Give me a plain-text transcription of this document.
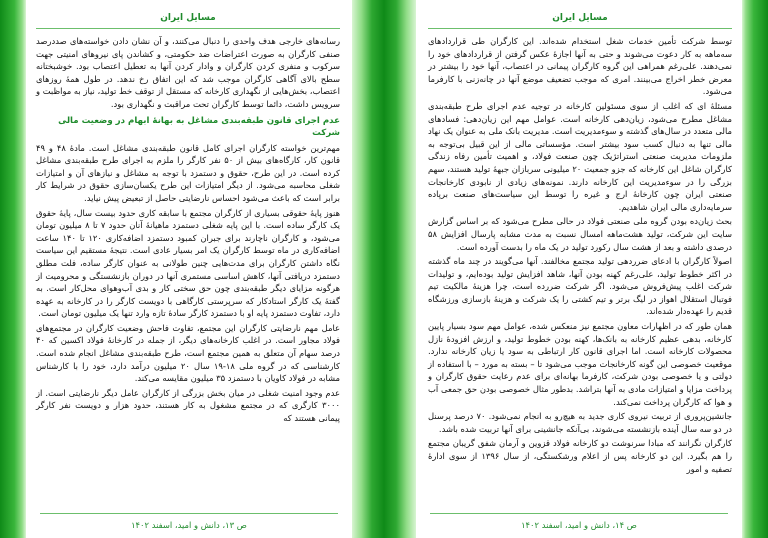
مسایل ایران

رسانه‌های خارجی هدف واحدی را دنبال می‌کنند، و آن نشان دادن خواسته‌های صددرصد صنفی کارگران به صورت اعتراضات ضد حکومتی، و کشاندن پای نیروهای امنیتی جهت سرکوب و منفری کردن کارگران و وادار کردن آنها به تعطیل اعتصاب بود. خوشبختانه سطح بالای آگاهی کارگران موجب شد که این اتفاق رخ ندهد. در طول همهٔ روزهای اعتصاب، بخش‌هایی از نگهداری کارخانه که مستقل از توقف خط تولید، نیاز به مواظبت و سرویس داشت، دائما توسط کارگران تحت مراقبت و نگهداری بود.

عدم اجرای قانون طبقه‌بندی مشاغل به بهانهٔ ابهام در وضعیت مالی شرکت

مهم‌ترین خواسته کارگران اجرای کامل قانون طبقه‌بندی مشاغل است. مادهٔ ۴۸ و ۴۹ قانون کار، کارگاه‌های بیش از ۵۰ نفر کارگر را ملزم به اجرای طرح طبقه‌بندی مشاغل کرده است. در این طرح، حقوق و دستمزد با توجه به مشاغل و نیازهای آن و امتیازات شغلی محاسبه می‌شود. از دیگر امتیازات این طرح یکسان‌سازی حقوق در شرایط کار برابر است که باعث می‌شود احساس نارضایتی حاصل از تبعیض پیش نیاید.

هنوز پایهٔ حقوقی بسیاری از کارگران مجتمع با سابقه کاری حدود بیست سال، پایهٔ حقوق یک کارگر ساده است. با این پایه شغلی دستمزد ماهیانهٔ آنان حدود ۷ تا ۸ میلیون تومان می‌شود، و کارگران ناچارند برای جبران کمبود دستمزد اضافه‌کاری ۱۲۰ تا ۱۴۰ ساعت اضافه‌کاری در ماه توسط کارگران یک امر بسیار عادی است. نتیجهٔ مستقیم این سیاست نگاه داشتن کارگران برای مدت‌هایی چنین طولانی به عنوان کارگر ساده، فلت مطلق دستمزد دریافتی آنها، کاهش اساسی مستمری آنها در دوران بازنشستگی و محرومیت از هرگونه مزایای دیگر طبقه‌بندی چون حق سختی کار و بدی آب‌وهوای محل‌کار است. به گفتهٔ یک کارگر استادکار که سرپرستی کارگاهی با دویست کارگر را در کارخانه به عهده دارد، تفاوت دستمزد پایه او با دستمزد کارگر سادهٔ تازه وارد تنها یک میلیون تومان است.

عامل مهم نارضایتی کارگران این مجتمع، تفاوت فاحش وضعیت کارگران در مجتمع‌های فولاد مجاور است. در اغلب کارخانه‌های دیگر، از جمله در کارخانهٔ فولاد اکسین که ۴۰ درصد سهام آن متعلق به همین مجتمع است، طرح طبقه‌بندی مشاغل انجام شده است. کارشناسی که در گروه ملی ۱۸-۱۹ سال ۲۰ میلیون درآمد دارد، خود را با کارشناس مشابه در فولاد کاویان با دستمزد ۳۵ میلیون مقایسه می‌کند.

عدم وجود امنیت شغلی در میان بخش بزرگی از کارگران عامل دیگر نارضایتی است. از ۳۰۰۰ کارگری که در مجتمع مشغول به کار هستند، حدود هزار و دویست نفر کارگر پیمانی هستند که

ص ۱۳، دانش و امید، اسفند ۱۴۰۲
مسایل ایران

توسط شرکت تأمین خدمات شغل استخدام شده‌اند. این کارگران طی قراردادهای سه‌ماهه به کار دعوت می‌شوند و حتی به آنها اجازهٔ عکس گرفتن از قراردادهای خود را نمی‌دهند. علی‌رغم همراهی این گروه کارگران پیمانی در اعتصاب، آنها خود را بیشتر در معرض خطر اخراج می‌بینند. امری که موجب تضعیف موضع آنها در چانه‌زنی با کارفرما می‌شود.

مسئلهٔ ای که اغلب از سوی مسئولین کارخانه در توجیه عدم اجرای طرح طبقه‌بندی مشاغل مطرح می‌شود، زیان‌دهی کارخانه است. عوامل مهم این زیان‌دهی: فسادهای مالی متعدد در سال‌های گذشته و سوءمدیریت است. مدیریت بانک ملی به عنوان یک نهاد مالی تنها به دنبال کسب سود بیشتر است. مؤسساتی مالی از این قبیل بی‌توجه به ملزومات مدیریت صنعتی استراتژیک چون صنعت فولاد، و اهمیت تأمین رفاه زندگی کارگران شاغل این کارخانه که جزو جمعیت ۲۰ میلیونی سربازان جبههٔ تولید هستند، سهم بزرگی را در سوءمدیریت این کارخانه دارند. نمونه‌های زیادی از نابودی کارخانجات صنعتی ایران چون کارخانهٔ ارج و غیره را توسط این سیاست‌های صنعت برپاده سرمایه‌داری مالی ایران شاهدیم.

بحث زیان‌ده بودن گروه ملی صنعتی فولاد در حالی مطرح می‌شود که بر اساس گزارش سایت این شرکت، تولید هشت‌ماهه امسال نسبت به مدت مشابه پارسال افزایش ۵۸ درصدی داشته و بعد از هشت سال رکورد تولید در یک ماه را بدست آورده است.

اصولاً کارگران با ادعای ضرردهی تولید مجتمع مخالفند. آنها می‌گویند در چند ماه گذشته در اکثر خطوط تولید، علی‌رغم کهنه بودن آنها، شاهد افزایش تولید بوده‌ایم، و تولیدات شرکت اغلب پیش‌فروش می‌شود. اگر شرکت ضررده است، چرا هزینهٔ مالکیت تیم فوتبال استقلال اهواز در لیگ برتر و تیم کشتی را یک شرکت و هزینهٔ بازسازی ورزشگاه قدیم را عهده‌دار شده‌اند.

همان طور که در اظهارات معاون مجتمع نیز منعکس شده، عوامل مهم سود بسیار پایین کارخانه، بدهی عظیم کارخانه به بانک‌ها، کهنه بودن خطوط تولید، و ارزش افزودهٔ نازل محصولات کارخانه است. اما اجرای قانون کار ارتباطی به سود یا زیان کارخانه ندارد. موقعیت خصوصی این گونه کارخانجات موجب می‌شود تا – بسته به مورد – با استفاده از دولتی و یا خصوصی بودن شرکت، کارفرما بهانه‌ای برای عدم رعایت حقوق کارگران و پرداخت مزایا و امتیازات مادی به آنها بتراشد. بدطور مثال خصوصی بودن حق جمعی آب و هوا که کارگران پرداخت نمی‌کند.

جانشین‌پروری از تربیت نیروی کاری جدید به هیچ‌رو به انجام نمی‌شود. ۷۰ درصد پرسنل در دو سه سال آینده بازنشسته می‌شوند، بی‌آنکه جانشینی برای آنها تربیت شده باشد.

کارگران نگرانند که مبادا سرنوشت دو کارخانه فولاد قزوین و آرمان شفق گریبان مجتمع را هم بگیرد. این دو کارخانه پس از اعلام ورشکستگی، از سال ۱۳۹۶ از سوی ادارهٔ تصفیه و امور

ص ۱۴، دانش و امید، اسفند ۱۴۰۲
